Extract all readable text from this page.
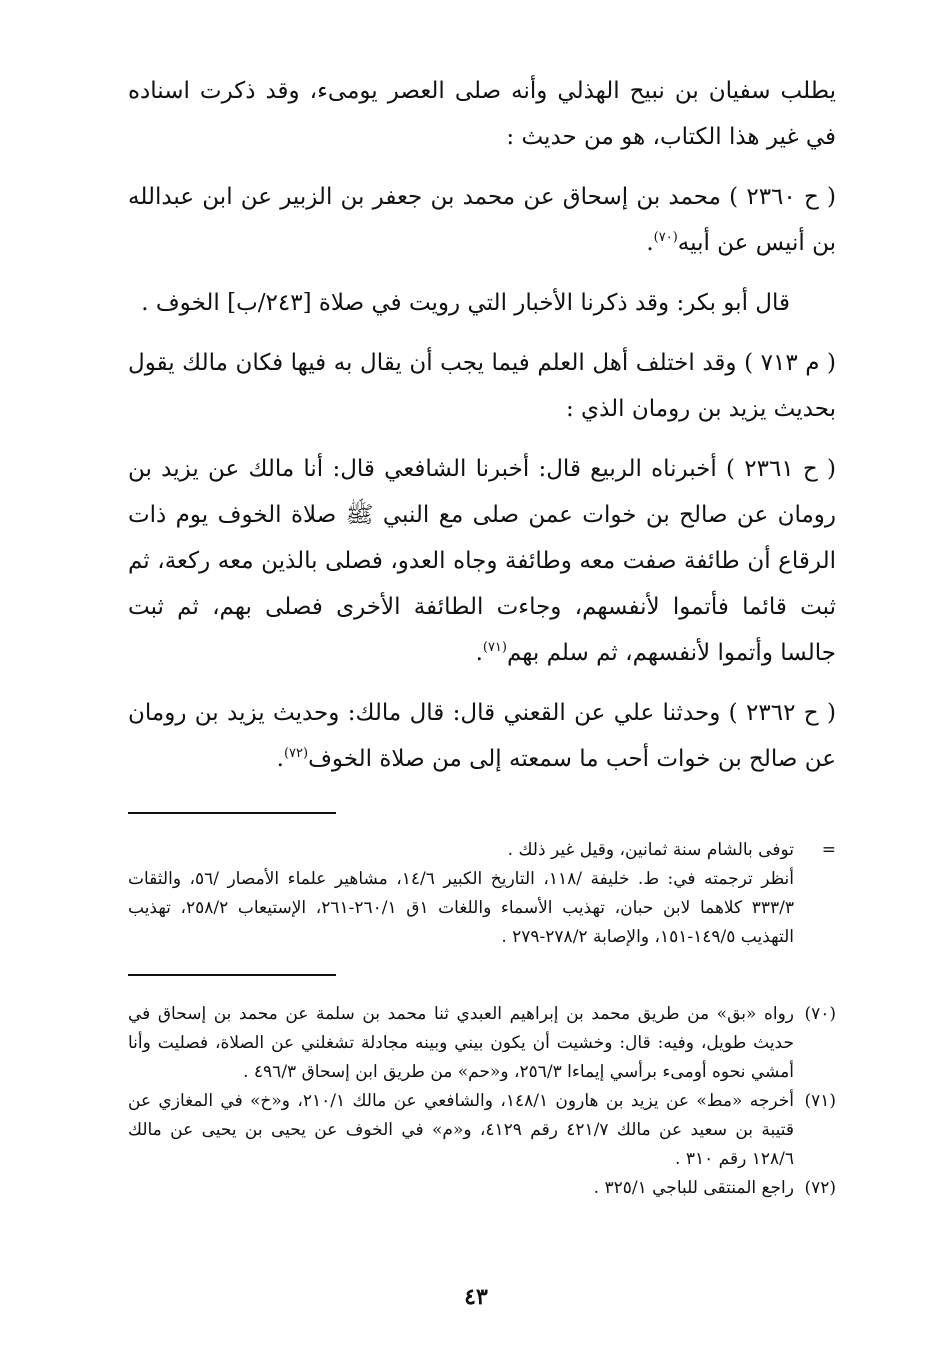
يطلب سفيان بن نبيح الهذلي وأنه صلى العصر يومىء، وقد ذكرت اسناده في غير هذا الكتاب، هو من حديث :

( ح ٢٣٦٠ ) محمد بن إسحاق عن محمد بن جعفر بن الزبير عن ابن عبدالله بن أنيس عن أبيه$^{(٧٠)}$.

قال أبو بكر: وقد ذكرنا الأخبار التي رويت في صلاة [٢٤٣/ب] الخوف .

( م ٧١٣ ) وقد اختلف أهل العلم فيما يجب أن يقال به فيها فكان مالك يقول بحديث يزيد بن رومان الذي :

( ح ٢٣٦١ ) أخبرناه الربيع قال: أخبرنا الشافعي قال: أنا مالك عن يزيد بن رومان عن صالح بن خوات عمن صلى مع النبي ﷺ صلاة الخوف يوم ذات الرقاع أن طائفة صفت معه وطائفة وجاه العدو، فصلى بالذين معه ركعة، ثم ثبت قائما فأتموا لأنفسهم، وجاءت الطائفة الأخرى فصلى بهم، ثم ثبت جالسا وأتموا لأنفسهم، ثم سلم بهم$^{(٧١)}$.

( ح ٢٣٦٢ ) وحدثنا علي عن القعني قال: قال مالك: وحديث يزيد بن رومان عن صالح بن خوات أحب ما سمعته إلى من صلاة الخوف$^{(٧٢)}$.

=
توفى بالشام سنة ثمانين، وقيل غير ذلك .
أنظر ترجمته في: ط. خليفة /١١٨، التاريخ الكبير ١٤/٦، مشاهير علماء الأمصار /٥٦، والثقات ٣٣٣/٣ كلاهما لابن حبان، تهذيب الأسماء واللغات ١ق ٢٦٠/١-٢٦١، الإستيعاب ٢٥٨/٢، تهذيب التهذيب ١٤٩/٥-١٥١، والإصابة ٢٧٨/٢-٢٧٩ .
(٧٠)
رواه «بق» من طريق محمد بن إبراهيم العبدي ثنا محمد بن سلمة عن محمد بن إسحاق في حديث طويل، وفيه: قال: وخشيت أن يكون بيني وبينه مجادلة تشغلني عن الصلاة، فصليت وأنا أمشي نحوه أومىء برأسي إيماءا ٢٥٦/٣، و«حم» من طريق ابن إسحاق ٤٩٦/٣ .
(٧١)
أخرجه «مط» عن يزيد بن هارون ١٤٨/١، والشافعي عن مالك ٢١٠/١، و«خ» في المغازي عن قتيبة بن سعيد عن مالك ٤٢١/٧ رقم ٤١٢٩، و«م» في الخوف عن يحيى بن يحيى عن مالك ١٢٨/٦ رقم ٣١٠ .
(٧٢)
راجع المنتقى للباجي ٣٢٥/١ .
٤٣
